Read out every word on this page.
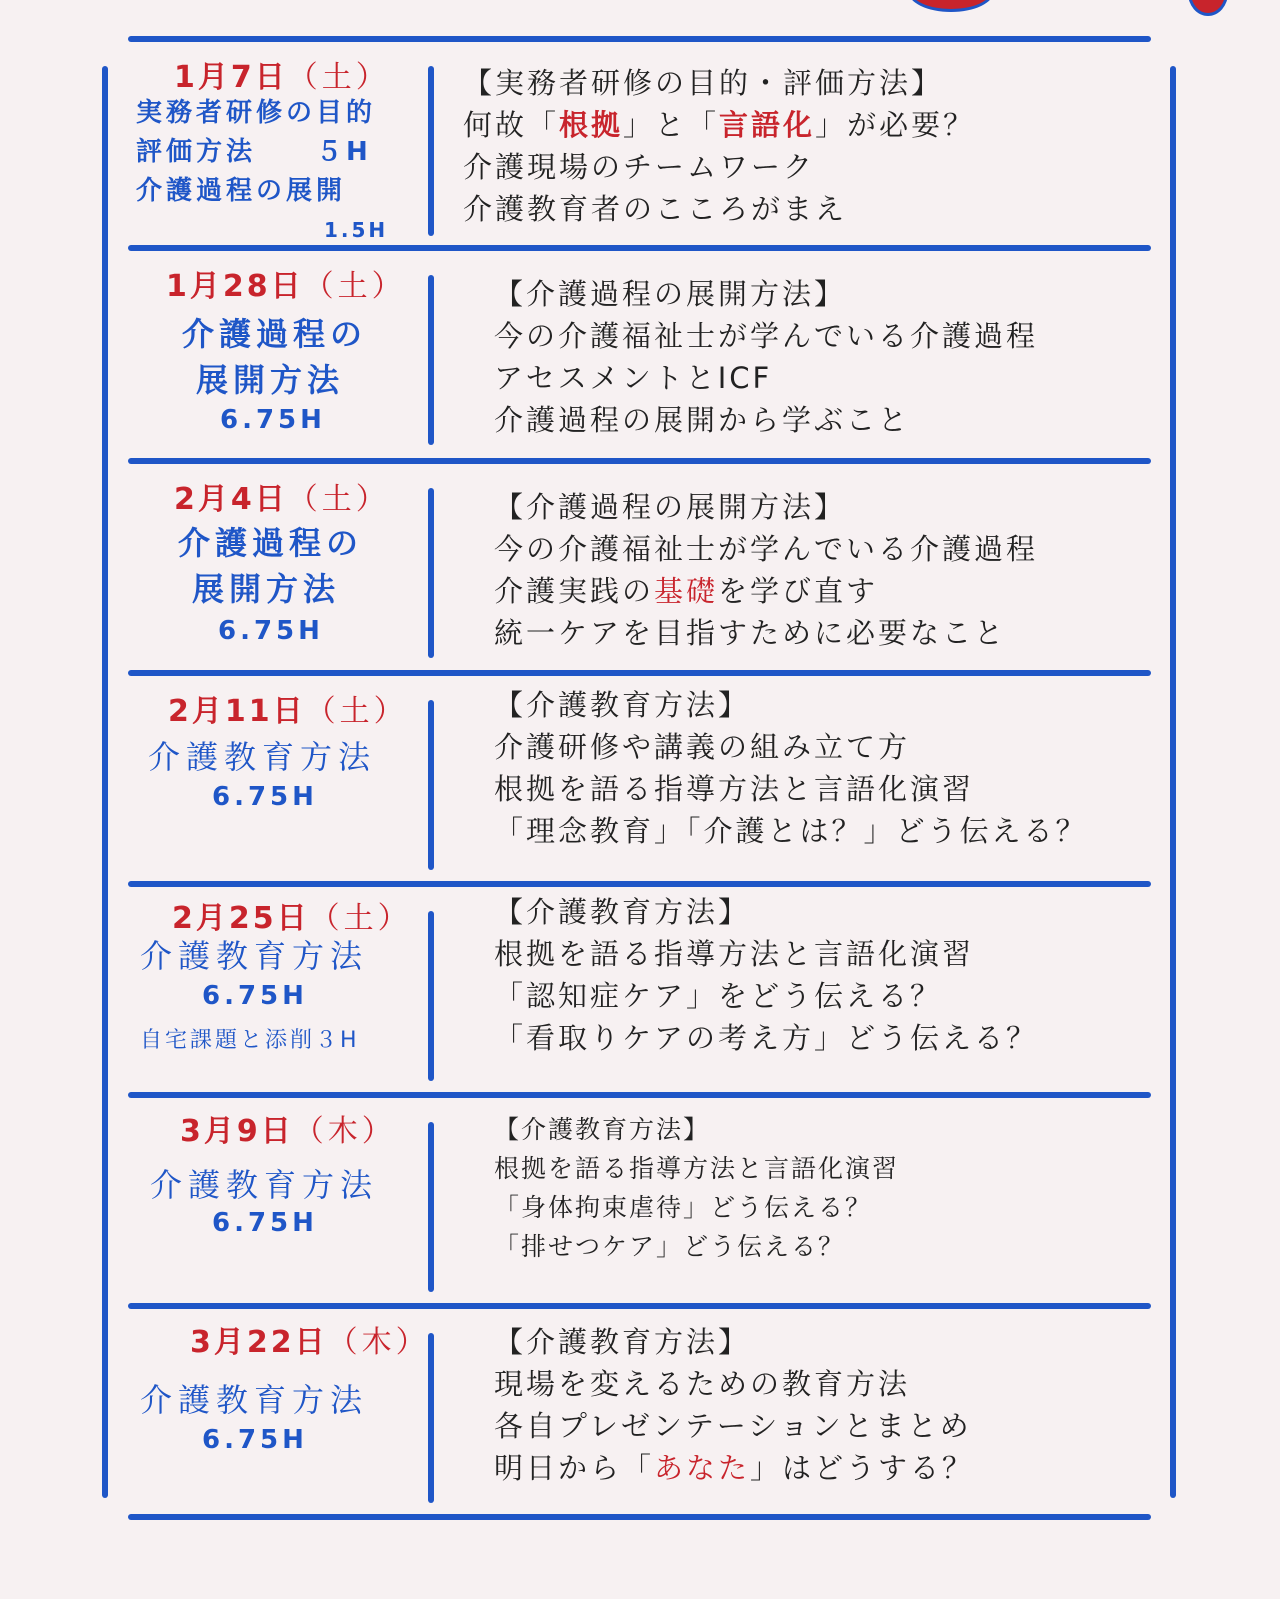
1月7日（土）
実務者研修の目的
評価方法　　５H
介護過程の展開
1.5H
【実務者研修の目的・評価方法】
何故「根拠」と「言語化」が必要？
介護現場のチームワーク
介護教育者のこころがまえ
1月28日（土）
介護過程の
展開方法
6.75H
【介護過程の展開方法】
今の介護福祉士が学んでいる介護過程
アセスメントとICF
介護過程の展開から学ぶこと
2月4日（土）
介護過程の
展開方法
6.75H
【介護過程の展開方法】
今の介護福祉士が学んでいる介護過程
介護実践の基礎を学び直す
統一ケアを目指すために必要なこと
2月11日（土）
介護教育方法
6.75H
【介護教育方法】
介護研修や講義の組み立て方
根拠を語る指導方法と言語化演習
「理念教育」「介護とは？」どう伝える？
2月25日（土）
介護教育方法
6.75H
自宅課題と添削３H
【介護教育方法】
根拠を語る指導方法と言語化演習
「認知症ケア」をどう伝える？
「看取りケアの考え方」どう伝える？
3月9日（木）
介護教育方法
6.75H
【介護教育方法】
根拠を語る指導方法と言語化演習
「身体拘束虐待」どう伝える？
「排せつケア」どう伝える？
3月22日（木）
介護教育方法
6.75H
【介護教育方法】
現場を変えるための教育方法
各自プレゼンテーションとまとめ
明日から「あなた」はどうする？
